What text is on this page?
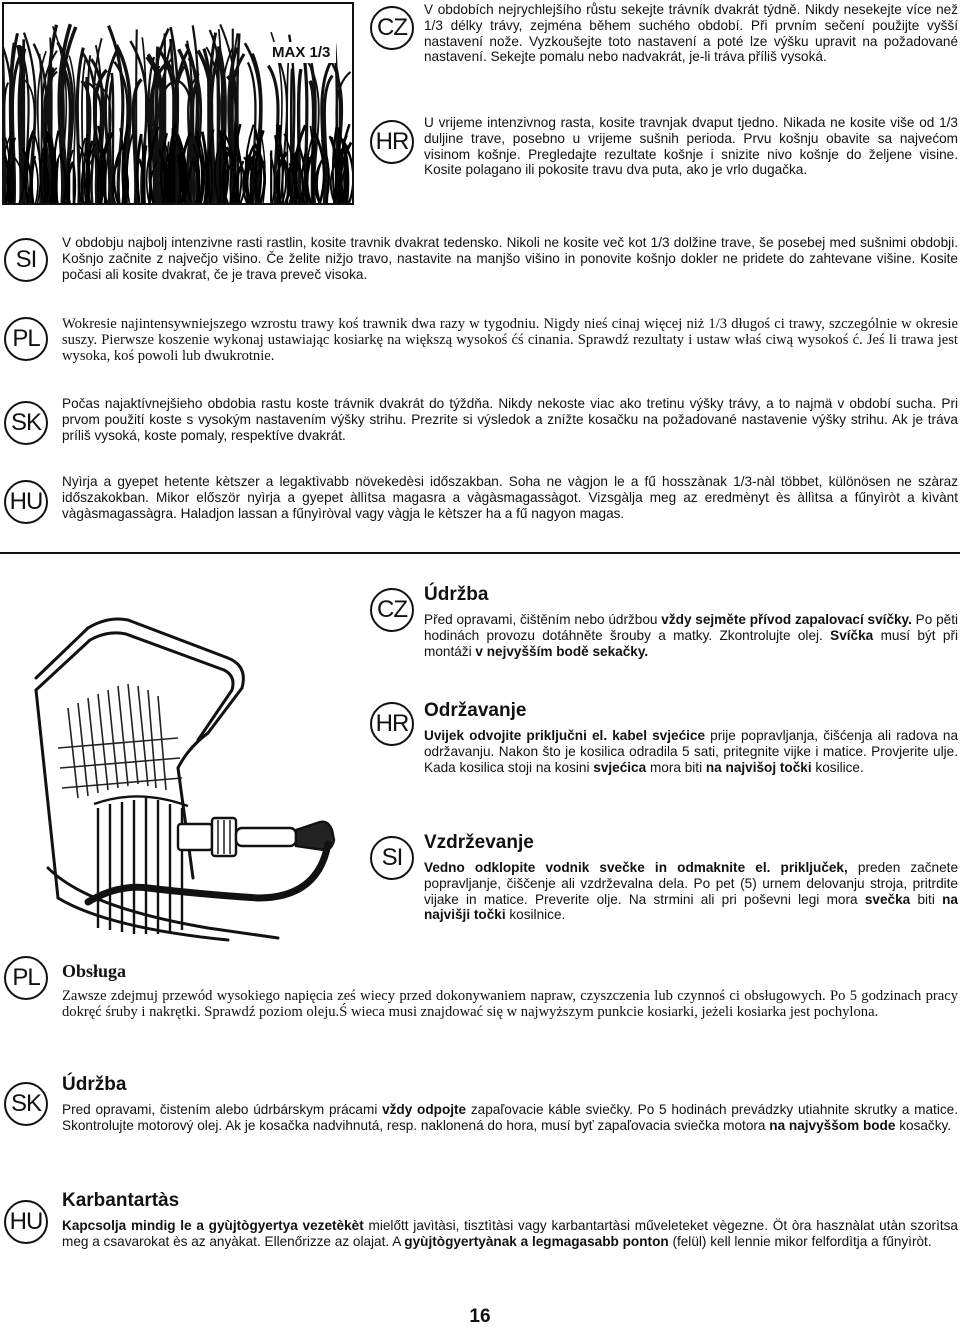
MAX 1/3
CZ
V obdobích nejrychlejšího růstu sekejte trávník dvakrát týdně. Nikdy nesekejte více než 1/3 délky trávy, zejména během suchého období. Při prvním sečení použijte vyšší nastavení nože. Vyzkoušejte toto nastavení a poté lze výšku upravit na požadované nastavení. Sekejte pomalu nebo nadvakrát, je-li tráva příliš vysoká.
HR
U vrijeme intenzivnog rasta, kosite travnjak dvaput tjedno. Nikada ne kosite više od 1/3 duljine trave, posebno u vrijeme sušnih perioda. Prvu košnju obavite sa najvećom visinom košnje. Pregledajte rezultate košnje i snizite nivo košnje do željene visine. Kosite polagano ili pokosite travu dva puta, ako je vrlo dugačka.
SI
V obdobju najbolj intenzivne rasti rastlin, kosite travnik dvakrat tedensko. Nikoli ne kosite več kot 1/3 dolžine trave, še posebej med sušnimi obdobji. Košnjo začnite z največjo višino. Če želite nižjo travo, nastavite na manjšo višino in ponovite košnjo dokler ne pridete do zahtevane višine. Kosite počasi ali kosite dvakrat, če je trava preveč visoka.
PL
Wokresie najintensywniejszego wzrostu trawy koś trawnik dwa razy w tygodniu. Nigdy nieś cinaj więcej niż 1/3 długoś ci trawy, szczególnie w okresie suszy. Pierwsze koszenie wykonaj ustawiając kosiarkę na większą wysokoś ćś cinania. Sprawdź rezultaty i ustaw właś ciwą wysokoś ć. Jeś li trawa jest wysoka, koś powoli lub dwukrotnie.
SK
Počas najaktívnejšieho obdobia rastu koste trávnik dvakrát do týždňa. Nikdy nekoste viac ako tretinu výšky trávy, a to najmä v období sucha. Pri prvom použití koste s vysokým nastavením výšky strihu. Prezrite si výsledok a znížte kosačku na požadované nastavenie výšky strihu. Ak je tráva príliš vysoká, koste pomaly, respektíve dvakrát.
HU
Nyìrja a gyepet hetente kètszer a legaktìvabb növekedèsi időszakban. Soha ne vàgjon le a fű hosszànak 1/3-nàl többet, különösen ne szàraz időszakokban. Mikor először nyìrja a gyepet àllìtsa magasra a vàgàsmagassàgot. Vizsgàlja meg az eredmènyt ès àllìtsa a fűnyìròt a kìvànt vàgàsmagassàgra. Haladjon lassan a fűnyìròval vagy vàgja le kètszer ha a fű nagyon magas.
CZ
Údržba
Před opravami, čištěním nebo údržbou vždy sejměte přívod zapalovací svíčky. Po pěti hodinách provozu dotáhněte šrouby a matky. Zkontrolujte olej. Svíčka musí být při montáži v nejvyšším bodě sekačky.
HR Održavanje
Uvijek odvojite priključni el. kabel svjećice prije popravljanja, čišćenja ali radova na održavanju. Nakon što je kosilica odradila 5 sati, pritegnite vijke i matice. Provjerite ulje. Kada kosilica stoji na kosini svjećica mora biti na najvišoj točki kosilice.
SI
Vzdrževanje
Vedno odklopite vodnik svečke in odmaknite el. priključek, preden začnete popravljanje, čiščenje ali vzdrževalna dela. Po pet (5) urnem delovanju stroja, pritrdite vijake in matice. Preverite olje. Na strmini ali pri poševni legi mora svečka biti na najvišji točki kosilnice.
PL	Obsługa
Zawsze zdejmuj przewód wysokiego napięcia ześ wiecy przed dokonywaniem napraw, czyszczenia lub czynnoś ci obsługowych. Po 5 godzinach pracy dokręć śruby i nakrętki. Sprawdź poziom oleju.Ś wieca musi znajdować się w najwyższym punkcie kosiarki, jeżeli kosiarka jest pochylona.
SK
Údržba
Pred opravami, čistením alebo údrbárskym prácami vždy odpojte zapaľovacie káble sviečky. Po 5 hodinách prevádzky utiahnite skrutky a matice. Skontrolujte motorový olej. Ak je kosačka nadvihnutá, resp. naklonená do hora, musí byť zapaľovacia sviečka motora na najvyššom bode kosačky.
HU
Karbantartàs
Kapcsolja mindig le a gyùjtògyertya vezetèkèt mielőtt javìtàsi, tisztìtàsi vagy karbantartàsi műveleteket vègezne. Öt òra hasznàlat utàn szorìtsa meg a csavarokat ès az anyàkat. Ellenőrizze az olajat. A gyùjtògyertyànak a legmagasabb ponton (felül) kell lennie mikor felfordìtja a fűnyìròt.
16
